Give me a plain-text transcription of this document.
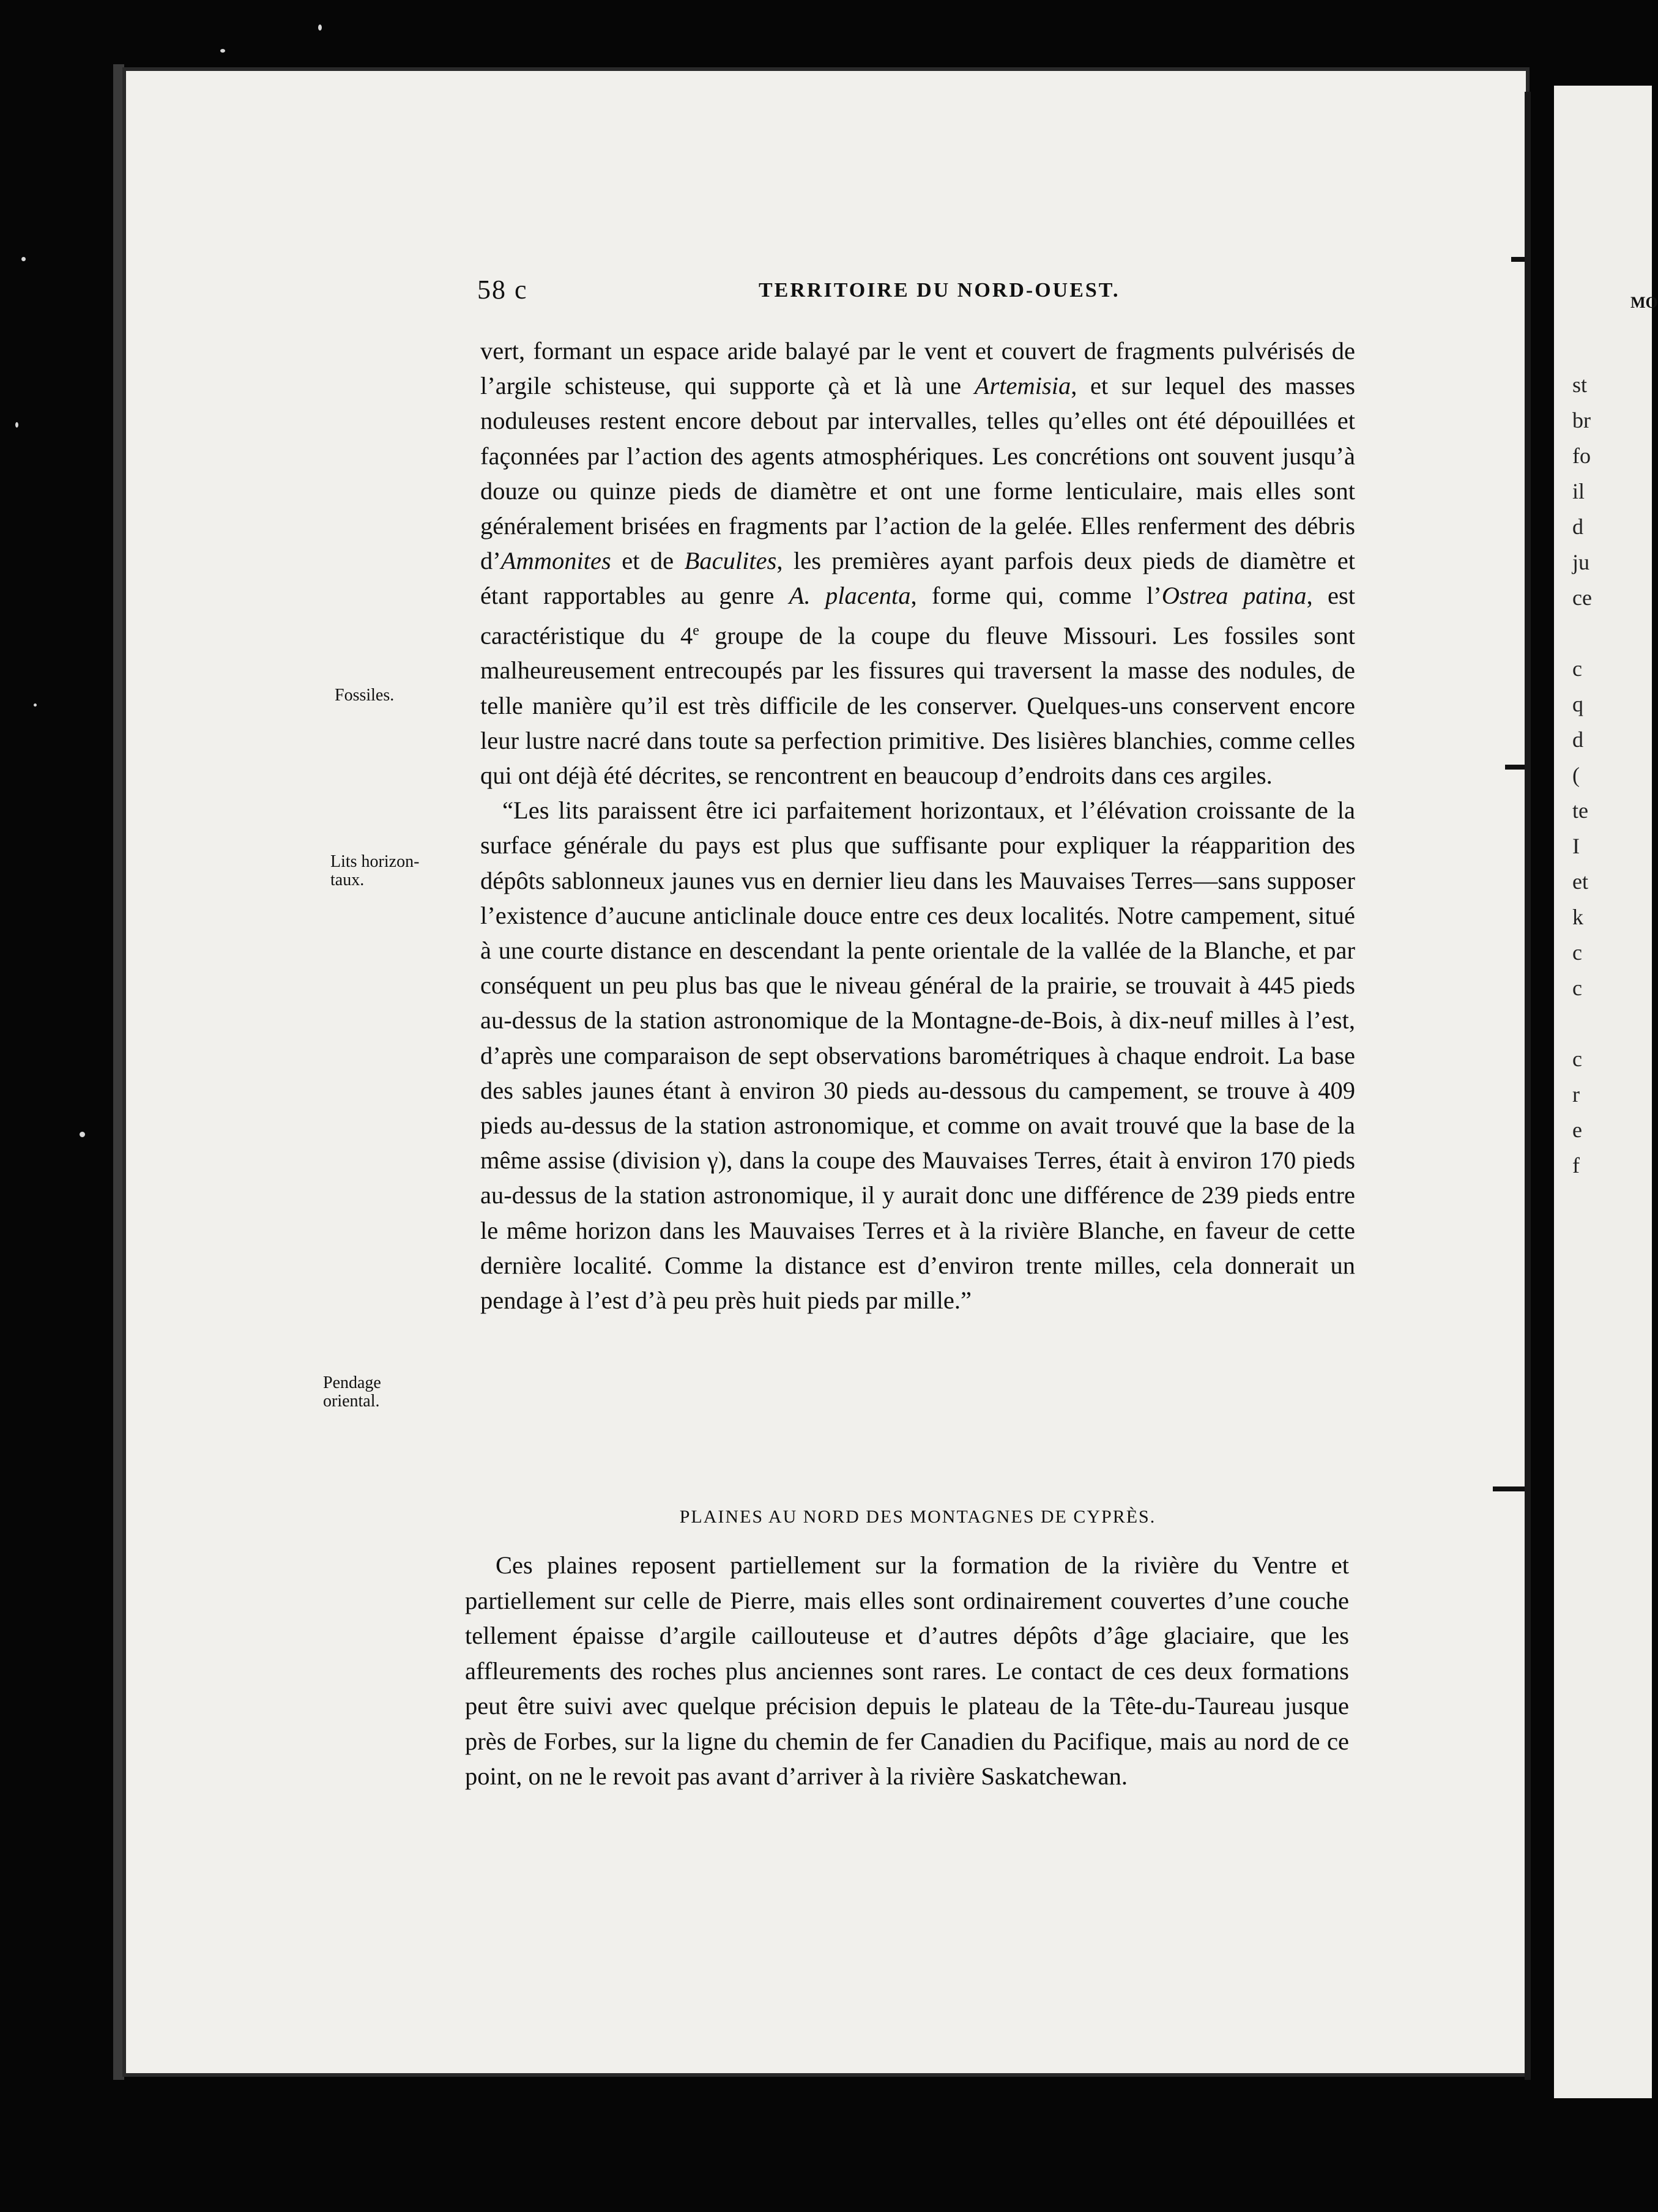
st
br
fo
il
d
ju
ce
c
q
d
(
te
I
et
k
c
c
c
r
e
f
MO
58 c	TERRITOIRE DU NORD-OUEST.
Fossiles.
Lits horizon-
taux.
Pendage
oriental.

vert, formant un espace aride balayé par le vent et couvert de fragments pulvérisés de l’argile schisteuse, qui supporte çà et là une Artemisia, et sur lequel des masses noduleuses restent encore debout par intervalles, telles qu’elles ont été dépouillées et façonnées par l’action des agents atmosphériques. Les concrétions ont souvent jusqu’à douze ou quinze pieds de diamètre et ont une forme lenticulaire, mais elles sont généralement brisées en fragments par l’action de la gelée. Elles renferment des débris d’Ammonites et de Baculites, les premières ayant parfois deux pieds de diamètre et étant rapportables au genre A. placenta, forme qui, comme l’Ostrea patina, est caractéristique du 4e groupe de la coupe du fleuve Missouri. Les fossiles sont malheureusement entrecoupés par les fissures qui traversent la masse des nodules, de telle manière qu’il est très difficile de les conserver. Quelques-uns conservent encore leur lustre nacré dans toute sa perfection primitive. Des lisières blanchies, comme celles qui ont déjà été décrites, se rencontrent en beaucoup d’endroits dans ces argiles.

“Les lits paraissent être ici parfaitement horizontaux, et l’élévation croissante de la surface générale du pays est plus que suffisante pour expliquer la réapparition des dépôts sablonneux jaunes vus en dernier lieu dans les Mauvaises Terres—sans supposer l’existence d’aucune anticlinale douce entre ces deux localités. Notre campement, situé à une courte distance en descendant la pente orientale de la vallée de la Blanche, et par conséquent un peu plus bas que le niveau général de la prairie, se trouvait à 445 pieds au-dessus de la station astronomique de la Montagne-de-Bois, à dix-neuf milles à l’est, d’après une comparaison de sept observations barométriques à chaque endroit. La base des sables jaunes étant à environ 30 pieds au-dessous du campement, se trouve à 409 pieds au-dessus de la station astronomique, et comme on avait trouvé que la base de la même assise (division γ), dans la coupe des Mauvaises Terres, était à environ 170 pieds au-dessus de la station astronomique, il y aurait donc une différence de 239 pieds entre le même horizon dans les Mauvaises Terres et à la rivière Blanche, en faveur de cette dernière localité. Comme la distance est d’environ trente milles, cela donnerait un pendage à l’est d’à peu près huit pieds par mille.”

PLAINES AU NORD DES MONTAGNES DE CYPRÈS.

Ces plaines reposent partiellement sur la formation de la rivière du Ventre et partiellement sur celle de Pierre, mais elles sont ordinairement couvertes d’une couche tellement épaisse d’argile caillouteuse et d’autres dépôts d’âge glaciaire, que les affleurements des roches plus anciennes sont rares. Le contact de ces deux formations peut être suivi avec quelque précision depuis le plateau de la Tête-du-Taureau jusque près de Forbes, sur la ligne du chemin de fer Canadien du Pacifique, mais au nord de ce point, on ne le revoit pas avant d’arriver à la rivière Saskatchewan.
